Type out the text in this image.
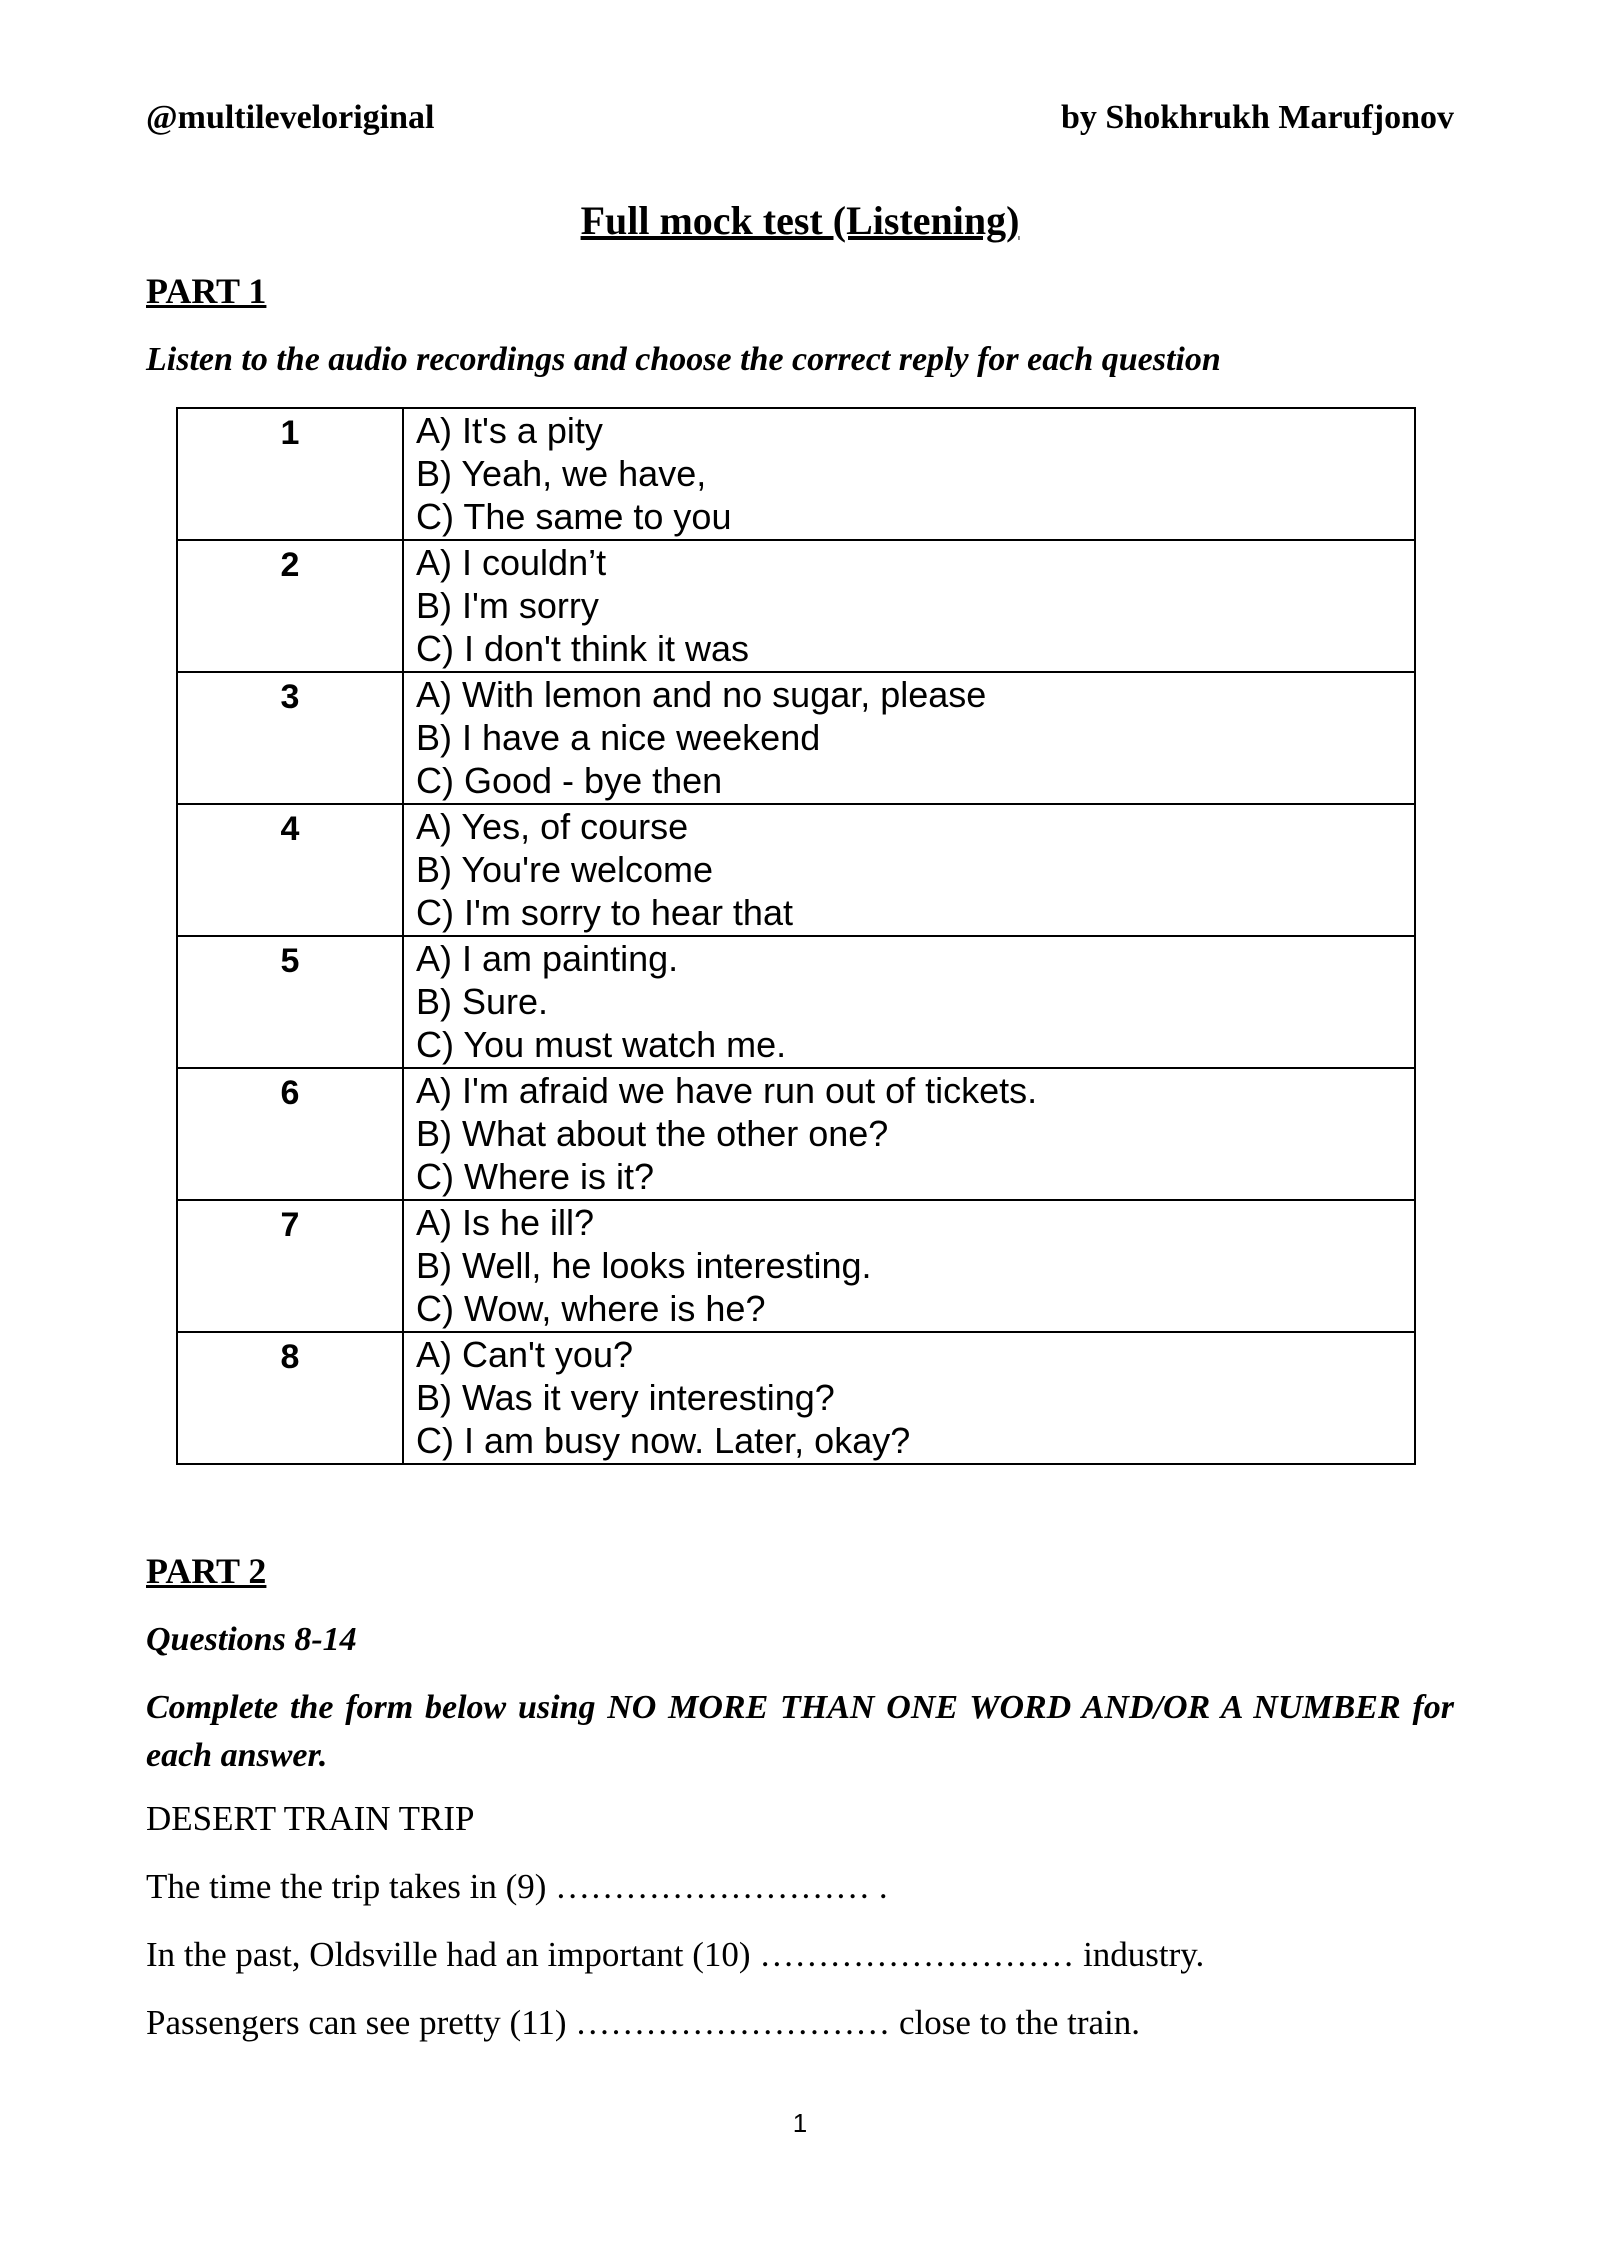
@multileveloriginal	by Shokhrukh Marufjonov
Full mock test (Listening)
PART 1
Listen to the audio recordings and choose the correct reply for each question
1	A) It's a pity
B) Yeah, we have,
C) The same to you

2	A) I couldn’t
B) I'm sorry
C) I don't think it was

3	A) With lemon and no sugar, please
B) I have a nice weekend
C) Good - bye then

4	A) Yes, of course
B) You're welcome
C) I'm sorry to hear that

5	A) I am painting.
B) Sure.
C) You must watch me.

6	A) I'm afraid we have run out of tickets.
B) What about the other one?
C) Where is it?

7	A) Is he ill?
B) Well, he looks interesting.
C) Wow, where is he?

8	A) Can't you?
B) Was it very interesting?
C) I am busy now. Later, okay?
PART 2
Questions 8-14
Complete the form below using NO MORE THAN ONE WORD AND/OR A NUMBER for each answer.
DESERT TRAIN TRIP
The time the trip takes in (9) ……………………… .
In the past, Oldsville had an important (10) ……………………… industry.
Passengers can see pretty (11) ……………………… close to the train.
1
